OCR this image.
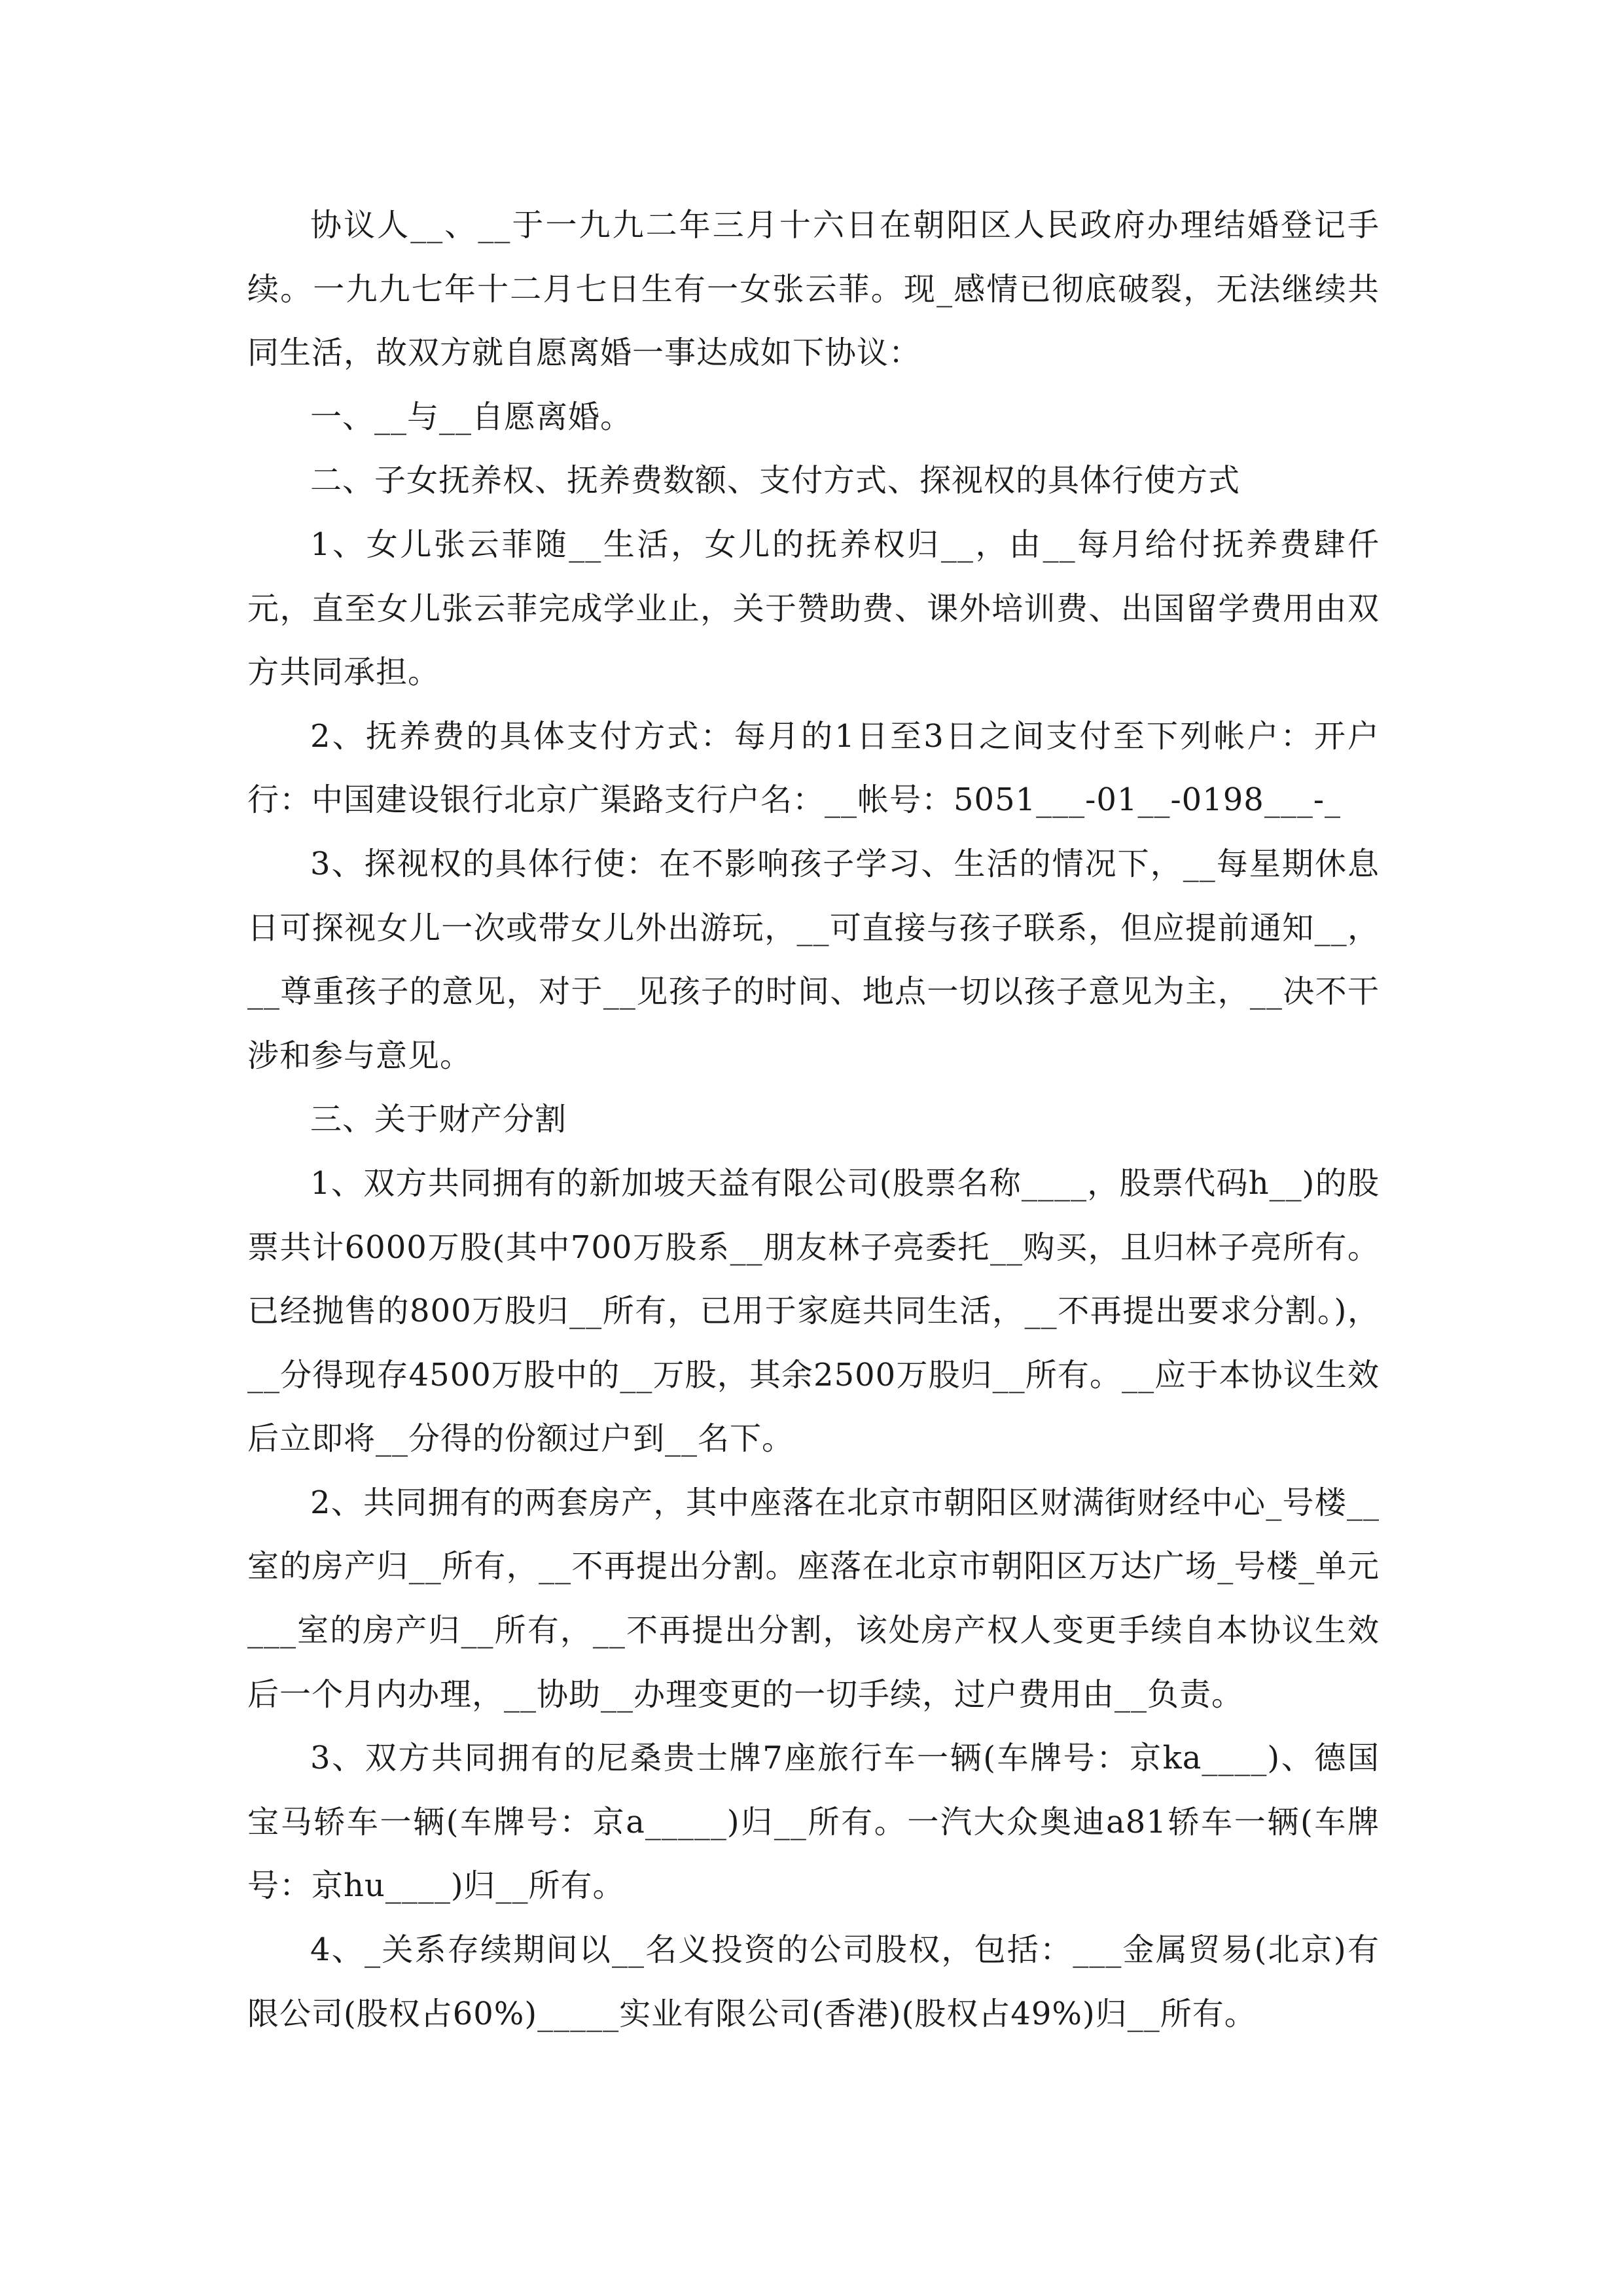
协议人__、__于一九九二年三月十六日在朝阳区人民政府办理结婚登记手续。一九九七年十二月七日生有一女张云菲。现_感情已彻底破裂，无法继续共同生活，故双方就自愿离婚一事达成如下协议：

一、__与__自愿离婚。

二、子女抚养权、抚养费数额、支付方式、探视权的具体行使方式

1、女儿张云菲随__生活，女儿的抚养权归__，由__每月给付抚养费肆仟元，直至女儿张云菲完成学业止，关于赞助费、课外培训费、出国留学费用由双方共同承担。

2、抚养费的具体支付方式：每月的1日至3日之间支付至下列帐户：开户行：中国建设银行北京广渠路支行户名：__帐号：5051___-01__-0198___-_

3、探视权的具体行使：在不影响孩子学习、生活的情况下，__每星期休息日可探视女儿一次或带女儿外出游玩，__可直接与孩子联系，但应提前通知__，__尊重孩子的意见，对于__见孩子的时间、地点一切以孩子意见为主，__决不干涉和参与意见。

三、关于财产分割

1、双方共同拥有的新加坡天益有限公司(股票名称____，股票代码h__)的股票共计6000万股(其中700万股系__朋友林子亮委托__购买，且归林子亮所有。已经抛售的800万股归__所有，已用于家庭共同生活，__不再提出要求分割。)，__分得现存4500万股中的__万股，其余2500万股归__所有。__应于本协议生效后立即将__分得的份额过户到__名下。

2、共同拥有的两套房产，其中座落在北京市朝阳区财满街财经中心_号楼__室的房产归__所有，__不再提出分割。座落在北京市朝阳区万达广场_号楼_单元___室的房产归__所有，__不再提出分割，该处房产权人变更手续自本协议生效后一个月内办理，__协助__办理变更的一切手续，过户费用由__负责。

3、双方共同拥有的尼桑贵士牌7座旅行车一辆(车牌号：京ka____)、德国宝马轿车一辆(车牌号：京a_____)归__所有。一汽大众奥迪a81轿车一辆(车牌号：京hu____)归__所有。

4、_关系存续期间以__名义投资的公司股权，包括：___金属贸易(北京)有限公司(股权占60%)_____实业有限公司(香港)(股权占49%)归__所有。
